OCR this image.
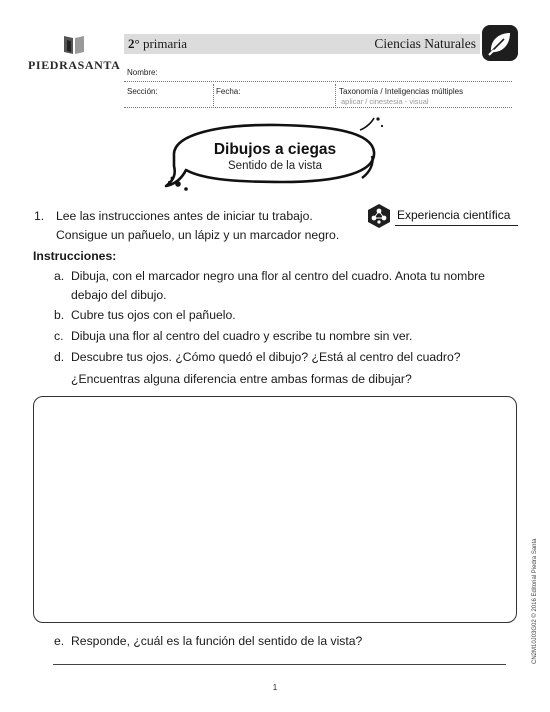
PIEDRASANTA
2° primaria	Ciencias Naturales
Nombre:
Sección:	Fecha:	Taxonomía / Inteligencias múltiples
aplicar / cinestesia - visual
Dibujos a ciegas
Sentido de la vista
Experiencia científica
1. Lee las instrucciones antes de iniciar tu trabajo.
Consigue un pañuelo, un lápiz y un marcador negro.
Instrucciones:
a. Dibuja, con el marcador negro una flor al centro del cuadro. Anota tu nombre
debajo del dibujo.
b. Cubre tus ojos con el pañuelo.
c. Dibuja una flor al centro del cuadro y escribe tu nombre sin ver.
d. Descubre tus ojos. ¿Cómo quedó el dibujo? ¿Está al centro del cuadro?
¿Encuentras alguna diferencia entre ambas formas de dibujar?
e. Responde, ¿cuál es la función del sentido de la vista?
1
CN2M10J03G02 © 2016 Editorial Piedra Santa
